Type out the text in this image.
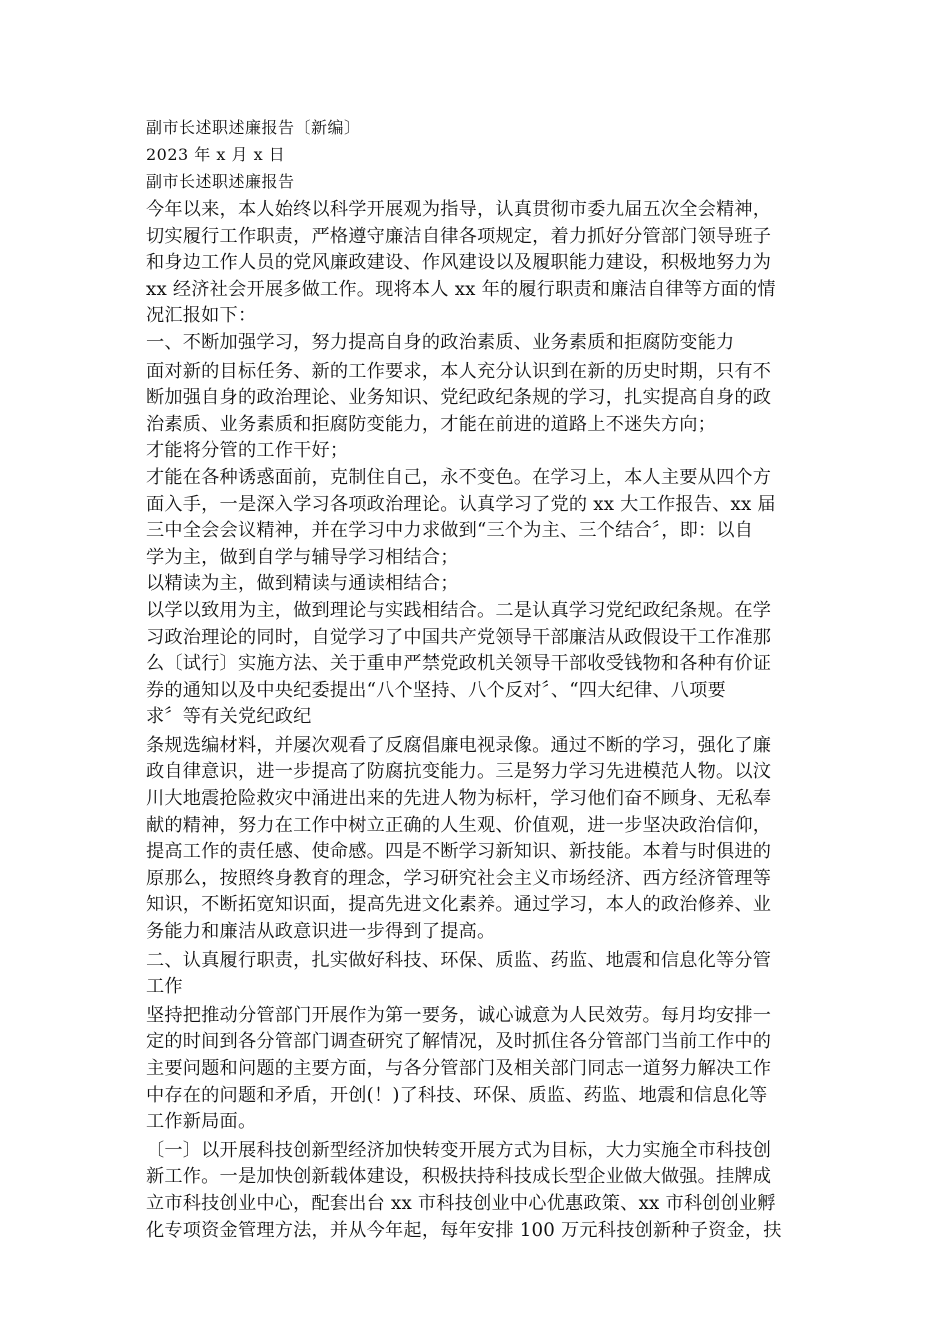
副市长述职述廉报告〔新编〕
2023 年 x 月 x 日
副市长述职述廉报告
今年以来，本人始终以科学开展观为指导，认真贯彻市委九届五次全会精神，
切实履行工作职责，严格遵守廉洁自律各项规定，着力抓好分管部门领导班子
和身边工作人员的党风廉政建设、作风建设以及履职能力建设，积极地努力为
xx 经济社会开展多做工作。现将本人 xx 年的履行职责和廉洁自律等方面的情
况汇报如下：
一、不断加强学习，努力提高自身的政治素质、业务素质和拒腐防变能力
面对新的目标任务、新的工作要求，本人充分认识到在新的历史时期，只有不
断加强自身的政治理论、业务知识、党纪政纪条规的学习，扎实提高自身的政
治素质、业务素质和拒腐防变能力，才能在前进的道路上不迷失方向；
才能将分管的工作干好；
才能在各种诱惑面前，克制住自己，永不变色。在学习上，本人主要从四个方
面入手，一是深入学习各项政治理论。认真学习了党的 xx 大工作报告、xx 届
三中全会会议精神，并在学习中力求做到“三个为主、三个结合〞，即：以自
学为主，做到自学与辅导学习相结合；
以精读为主，做到精读与通读相结合；
以学以致用为主，做到理论与实践相结合。二是认真学习党纪政纪条规。在学
习政治理论的同时，自觉学习了中国共产党领导干部廉洁从政假设干工作准那
么〔试行〕实施方法、关于重申严禁党政机关领导干部收受钱物和各种有价证
券的通知以及中央纪委提出“八个坚持、八个反对〞、“四大纪律、八项要
求〞等有关党纪政纪
条规选编材料，并屡次观看了反腐倡廉电视录像。通过不断的学习，强化了廉
政自律意识，进一步提高了防腐抗变能力。三是努力学习先进模范人物。以汶
川大地震抢险救灾中涌进出来的先进人物为标杆，学习他们奋不顾身、无私奉
献的精神，努力在工作中树立正确的人生观、价值观，进一步坚决政治信仰，
提高工作的责任感、使命感。四是不断学习新知识、新技能。本着与时俱进的
原那么，按照终身教育的理念，学习研究社会主义市场经济、西方经济管理等
知识，不断拓宽知识面，提高先进文化素养。通过学习，本人的政治修养、业
务能力和廉洁从政意识进一步得到了提高。
二、认真履行职责，扎实做好科技、环保、质监、药监、地震和信息化等分管
工作
坚持把推动分管部门开展作为第一要务，诚心诚意为人民效劳。每月均安排一
定的时间到各分管部门调查研究了解情况，及时抓住各分管部门当前工作中的
主要问题和问题的主要方面，与各分管部门及相关部门同志一道努力解决工作
中存在的问题和矛盾，开创(！)了科技、环保、质监、药监、地震和信息化等
工作新局面。
〔一〕以开展科技创新型经济加快转变开展方式为目标，大力实施全市科技创
新工作。一是加快创新载体建设，积极扶持科技成长型企业做大做强。挂牌成
立市科技创业中心，配套出台 xx 市科技创业中心优惠政策、xx 市科创创业孵
化专项资金管理方法，并从今年起，每年安排 100 万元科技创新种子资金，扶
